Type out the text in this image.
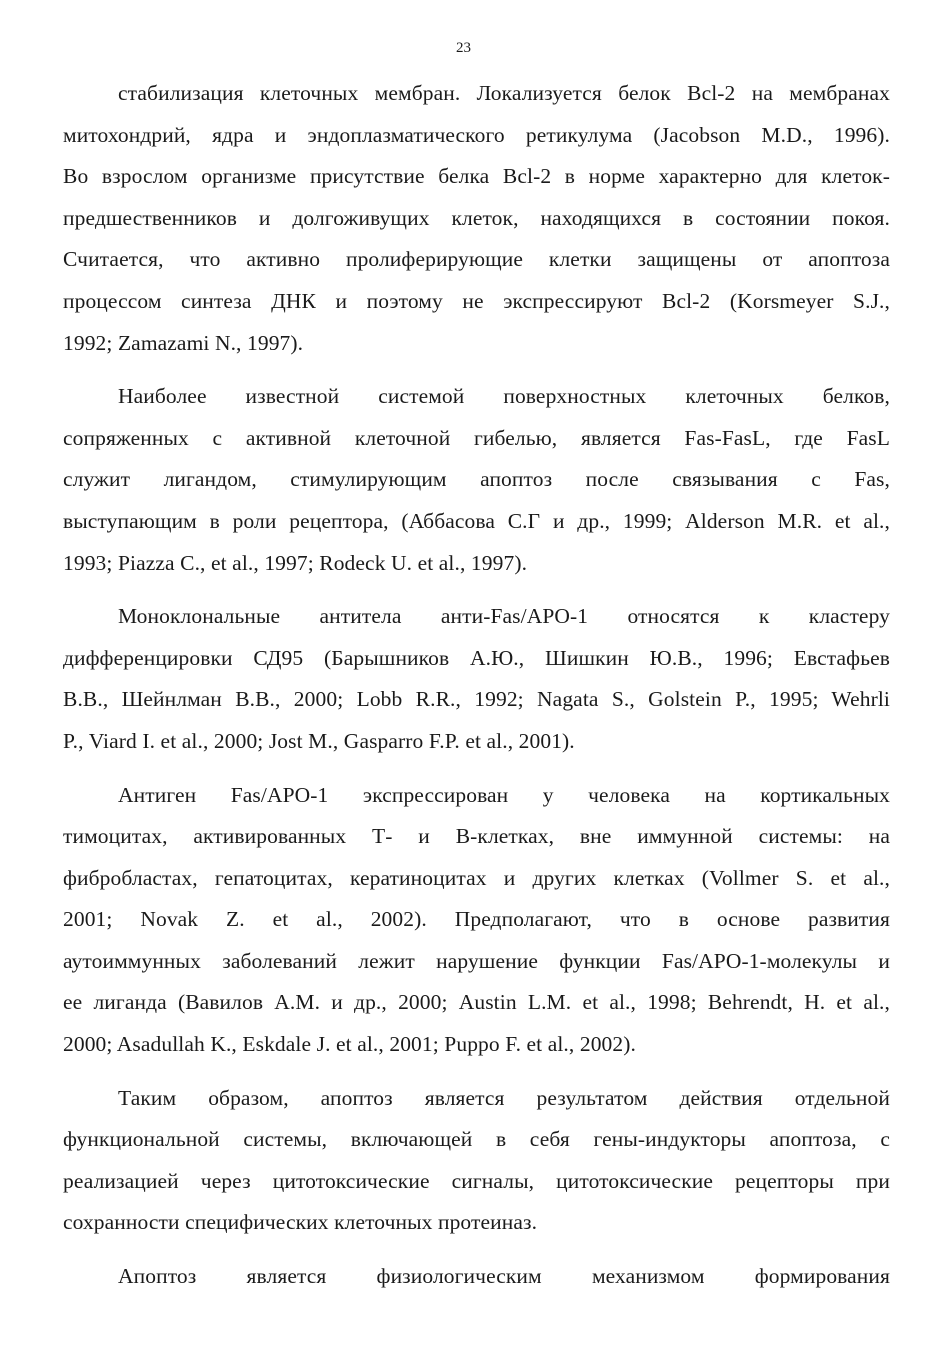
23
стабилизация клеточных мембран. Локализуется белок Bcl-2 на мембранах
митохондрий, ядра и эндоплазматического ретикулума (Jacobson M.D., 1996).
Во взрослом организме присутствие белка Bcl-2 в норме характерно для клеток-
предшественников и долгоживущих клеток, находящихся в состоянии покоя.
Считается, что активно пролиферирующие клетки защищены от апоптоза
процессом синтеза ДНК и поэтому не экспрессируют Bcl-2 (Korsmeyer S.J.,
1992; Zamazami N., 1997).
Наиболее известной системой поверхностных клеточных белков,
сопряженных с активной клеточной гибелью, является Fas-FasL, где FasL
служит лигандом, стимулирующим апоптоз после связывания с Fas,
выступающим в роли рецептора, (Аббасова С.Г и др., 1999; Alderson M.R. et al.,
1993; Piazza C., et al., 1997; Rodeck U. et al., 1997).
Моноклональные антитела анти-Fas/APO-1 относятся к кластеру
дифференцировки СД95 (Барышников А.Ю., Шишкин Ю.В., 1996; Евстафьев
В.В., Шейнлман В.В., 2000; Lobb R.R., 1992; Nagata S., Golstein P., 1995; Wehrli
P., Viard I. et al., 2000; Jost M., Gasparro F.P. et al., 2001).
Антиген Fas/APO-1 экспрессирован у человека на кортикальных
тимоцитах, активированных Т- и В-клетках, вне иммунной системы: на
фибробластах, гепатоцитах, кератиноцитах и других клетках (Vollmer S. et al.,
2001; Novak Z. et al., 2002). Предполагают, что в основе развития
аутоиммунных заболеваний лежит нарушение функции Fas/APO-1-молекулы и
ее лиганда (Вавилов А.М. и др., 2000; Austin L.M. et al., 1998; Behrendt, H. et al.,
2000; Asadullah K., Eskdale J. et al., 2001; Puppo F. et al., 2002).
Таким образом, апоптоз является результатом действия отдельной
функциональной системы, включающей в себя гены-индукторы апоптоза, с
реализацией через цитотоксические сигналы, цитотоксические рецепторы при
сохранности специфических клеточных протеиназ.
Апоптоз является физиологическим механизмом формирования
